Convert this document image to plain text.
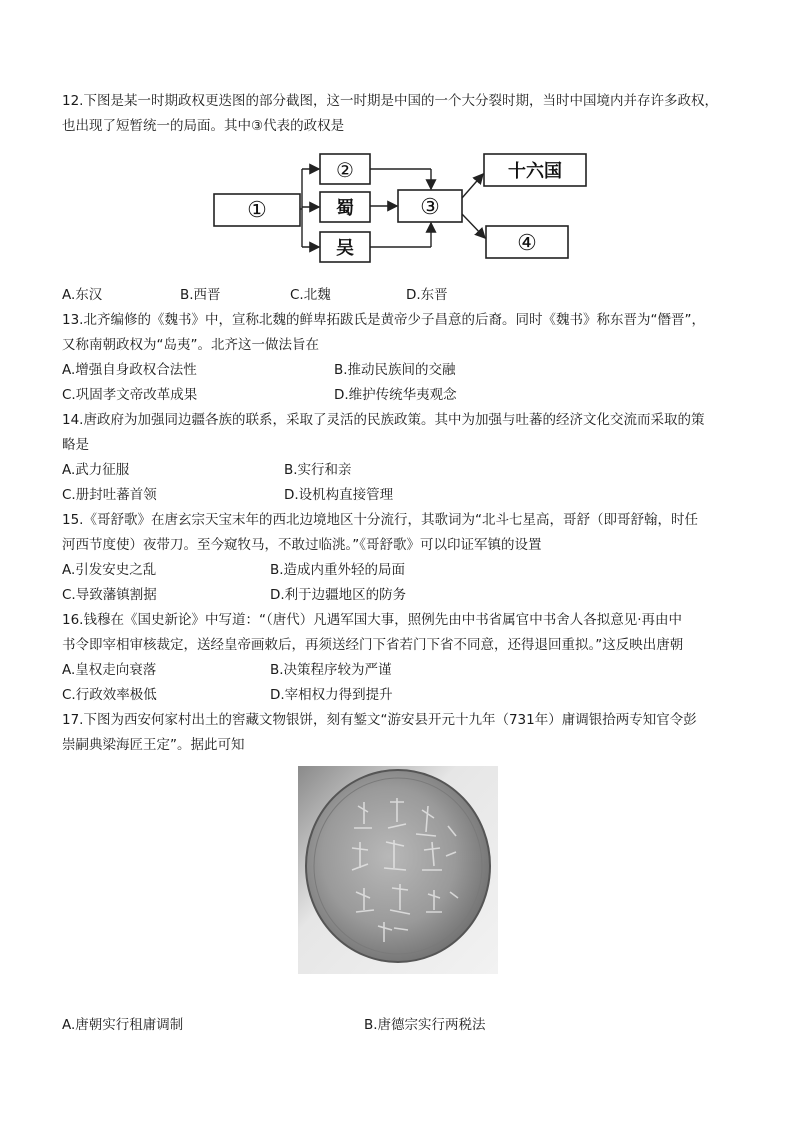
12.下图是某一时期政权更迭图的部分截图，这一时期是中国的一个大分裂时期，当时中国境内并存许多政权，
也出现了短暂统一的局面。其中③代表的政权是
①
②
蜀
吴
③
十六国
④
A.东汉	B.西晋	C.北魏	D.东晋
13.北齐编修的《魏书》中，宣称北魏的鲜卑拓跋氏是黄帝少子昌意的后裔。同时《魏书》称东晋为“僭晋”，
又称南朝政权为“岛夷”。北齐这一做法旨在
A.增强自身政权合法性	B.推动民族间的交融
C.巩固孝文帝改革成果	D.维护传统华夷观念
14.唐政府为加强同边疆各族的联系，采取了灵活的民族政策。其中为加强与吐蕃的经济文化交流而采取的策
略是
A.武力征服	B.实行和亲
C.册封吐蕃首领	D.设机构直接管理
15.《哥舒歌》在唐玄宗天宝末年的西北边境地区十分流行，其歌词为“北斗七星高，哥舒（即哥舒翰，时任
河西节度使）夜带刀。至今窥牧马，不敢过临洮。”《哥舒歌》可以印证军镇的设置
A.引发安史之乱	B.造成内重外轻的局面
C.导致藩镇割据	D.利于边疆地区的防务
16.钱穆在《国史新论》中写道：“（唐代）凡遇军国大事，照例先由中书省属官中书舍人各拟意见·再由中
书令即宰相审核裁定，送经皇帝画敕后，再须送经门下省若门下省不同意，还得退回重拟。”这反映出唐朝
A.皇权走向衰落	B.决策程序较为严谨
C.行政效率极低	D.宰相权力得到提升
17.下图为西安何家村出土的窖藏文物银饼，刻有錾文“游安县开元十九年（731年）庸调银拾两专知官令彭
崇嗣典梁海匠王定”。据此可知
A.唐朝实行租庸调制	B.唐德宗实行两税法
